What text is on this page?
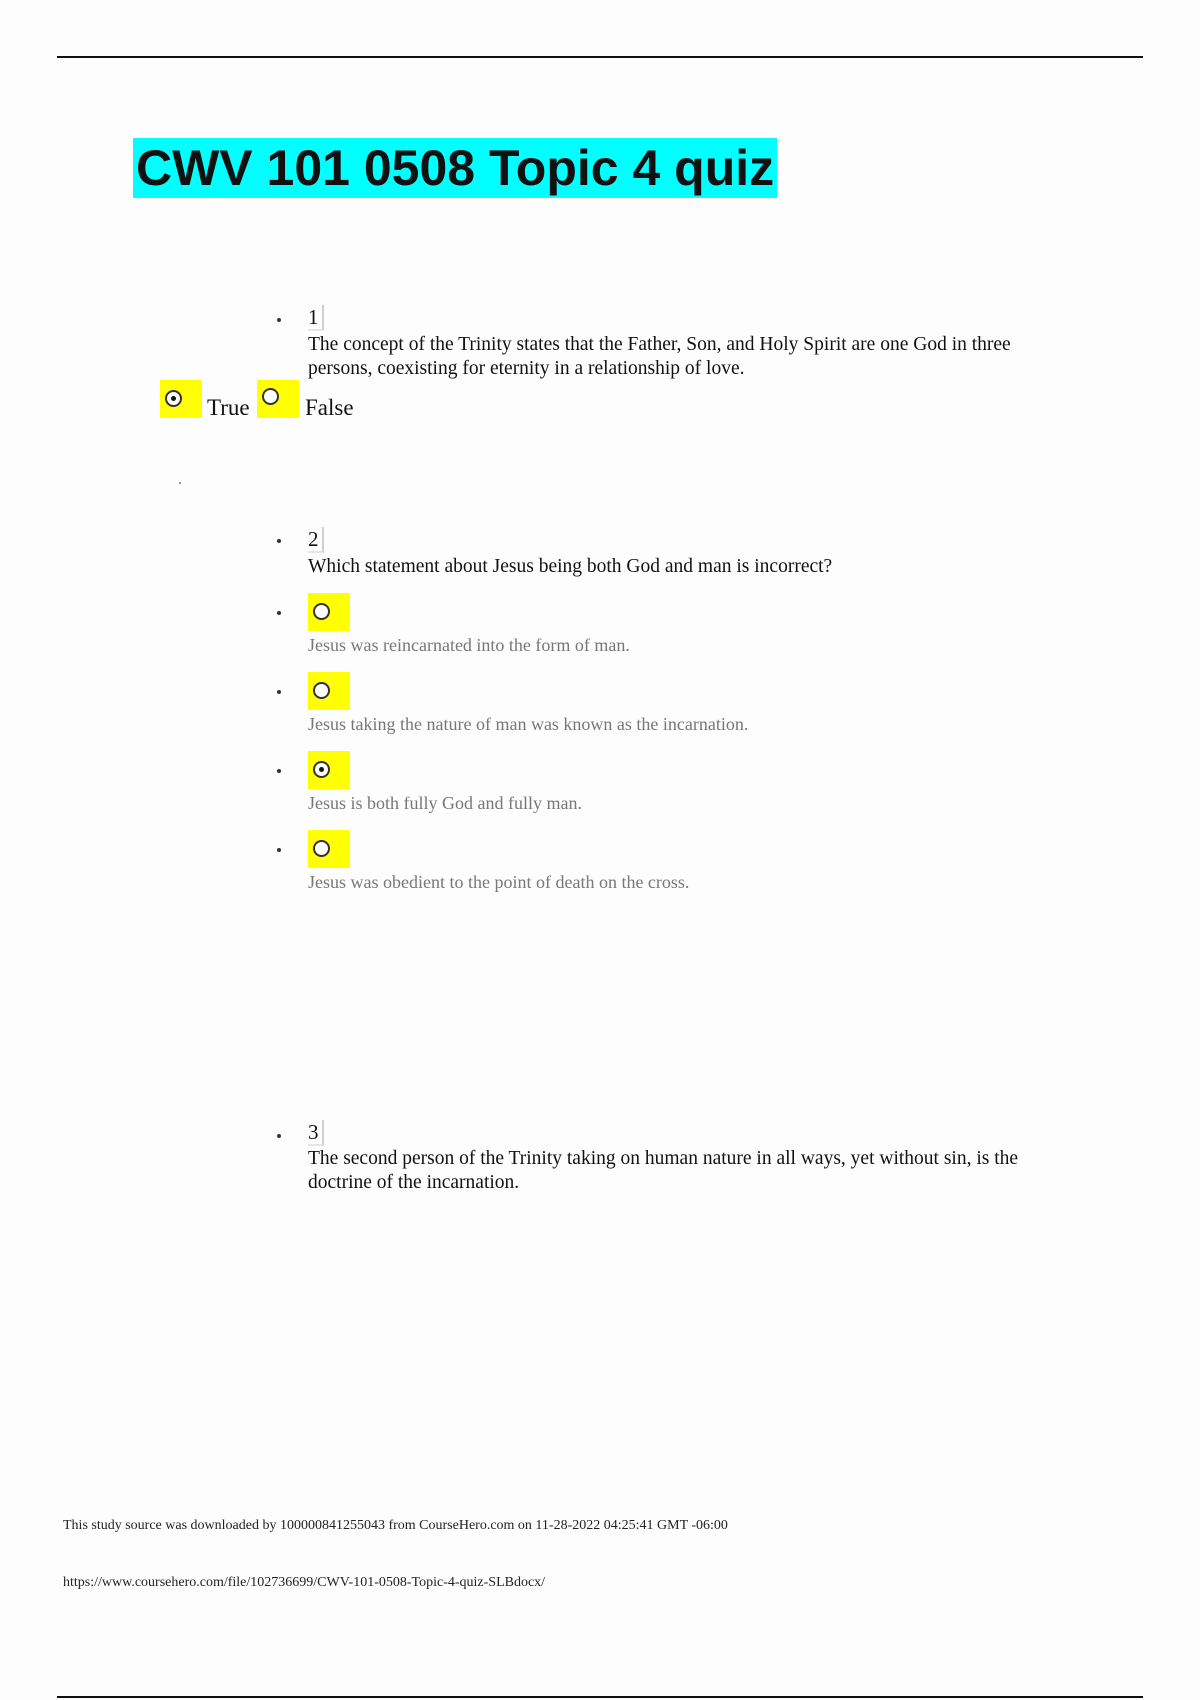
CWV 101 0508 Topic 4 quiz
1
The concept of the Trinity states that the Father, Son, and Holy Spirit are one God in three persons, coexisting for eternity in a relationship of love.
True False
2
Which statement about Jesus being both God and man is incorrect?
Jesus was reincarnated into the form of man.
Jesus taking the nature of man was known as the incarnation.
Jesus is both fully God and fully man.
Jesus was obedient to the point of death on the cross.
3
The second person of the Trinity taking on human nature in all ways, yet without sin, is the doctrine of the incarnation.
This study source was downloaded by 100000841255043 from CourseHero.com on 11-28-2022 04:25:41 GMT -06:00
https://www.coursehero.com/file/102736699/CWV-101-0508-Topic-4-quiz-SLBdocx/
